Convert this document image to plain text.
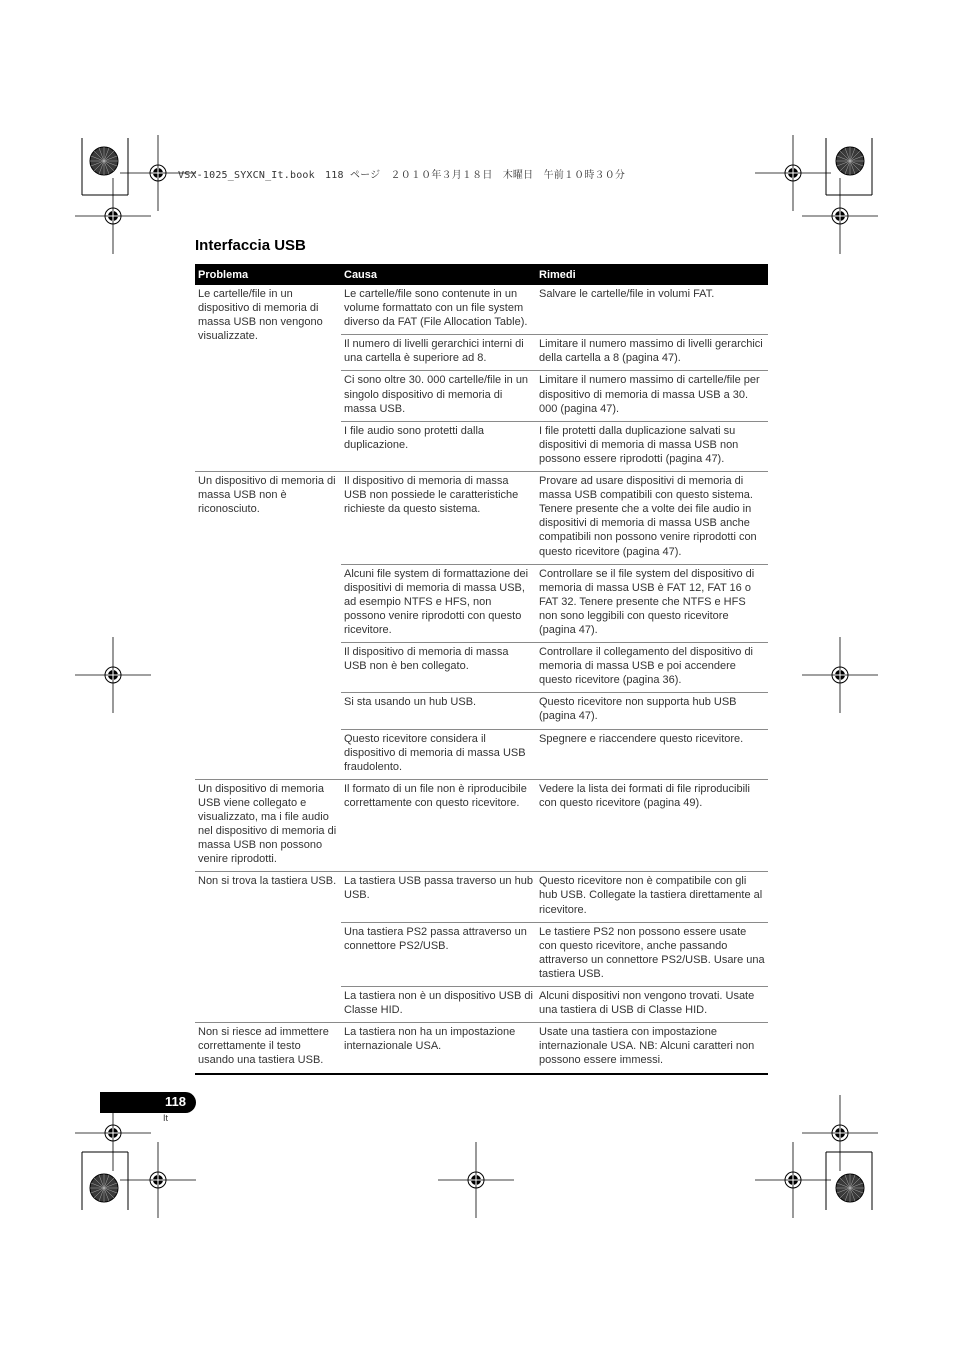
VSX-1025_SYXCN_It.book　118 ページ　２０１０年３月１８日　木曜日　午前１０時３０分
Interfaccia USB
Problema	Causa	Rimedi
Le cartelle/file in un dispositivo di memoria di massa USB non vengono visualizzate.	Le cartelle/file sono contenute in un volume formattato con un file system diverso da FAT (File Allocation Table).	Salvare le cartelle/file in volumi FAT.
	Il numero di livelli gerarchici interni di una cartella è superiore ad 8.	Limitare il numero massimo di livelli gerarchici della cartella a 8 (pagina 47).
	Ci sono oltre 30. 000 cartelle/file in un singolo dispositivo di memoria di massa USB.	Limitare il numero massimo di cartelle/file per dispositivo di memoria di massa USB a 30. 000 (pagina 47).
	I file audio sono protetti dalla duplicazione.	I file protetti dalla duplicazione salvati su dispositivi di memoria di massa USB non possono essere riprodotti (pagina 47).
Un dispositivo di memoria di massa USB non è riconosciuto.	Il dispositivo di memoria di massa USB non possiede le caratteristiche richieste da questo sistema.	Provare ad usare dispositivi di memoria di massa USB compatibili con questo sistema. Tenere presente che a volte dei file audio in dispositivi di memoria di massa USB anche compatibili non possono venire riprodotti con questo ricevitore (pagina 47).
	Alcuni file system di formattazione dei dispositivi di memoria di massa USB, ad esempio NTFS e HFS, non possono venire riprodotti con questo ricevitore.	Controllare se il file system del dispositivo di memoria di massa USB è FAT 12, FAT 16 o FAT 32. Tenere presente che NTFS e HFS non sono leggibili con questo ricevitore (pagina 47).
	Il dispositivo di memoria di massa USB non è ben collegato.	Controllare il collegamento del dispositivo di memoria di massa USB e poi accendere questo ricevitore (pagina 36).
	Si sta usando un hub USB.	Questo ricevitore non supporta hub USB (pagina 47).
	Questo ricevitore considera il dispositivo di memoria di massa USB fraudolento.	Spegnere e riaccendere questo ricevitore.
Un dispositivo di memoria USB viene collegato e visualizzato, ma i file audio nel dispositivo di memoria di massa USB non possono venire riprodotti.	Il formato di un file non è riproducibile correttamente con questo ricevitore.	Vedere la lista dei formati di file riproducibili con questo ricevitore (pagina 49).
Non si trova la tastiera USB.	La tastiera USB passa traverso un hub USB.	Questo ricevitore non è compatibile con gli hub USB. Collegate la tastiera direttamente al ricevitore.
	Una tastiera PS2 passa attraverso un connettore PS2/USB.	Le tastiere PS2 non possono essere usate con questo ricevitore, anche passando attraverso un connettore PS2/USB. Usare una tastiera USB.
	La tastiera non è un dispositivo USB di Classe HID.	Alcuni dispositivi non vengono trovati. Usate una tastiera di USB di Classe HID.
Non si riesce ad immettere correttamente il testo usando una tastiera USB.	La tastiera non ha un impostazione internazionale USA.	Usate una tastiera con impostazione internazionale USA. NB: Alcuni caratteri non possono essere immessi.
118
It
